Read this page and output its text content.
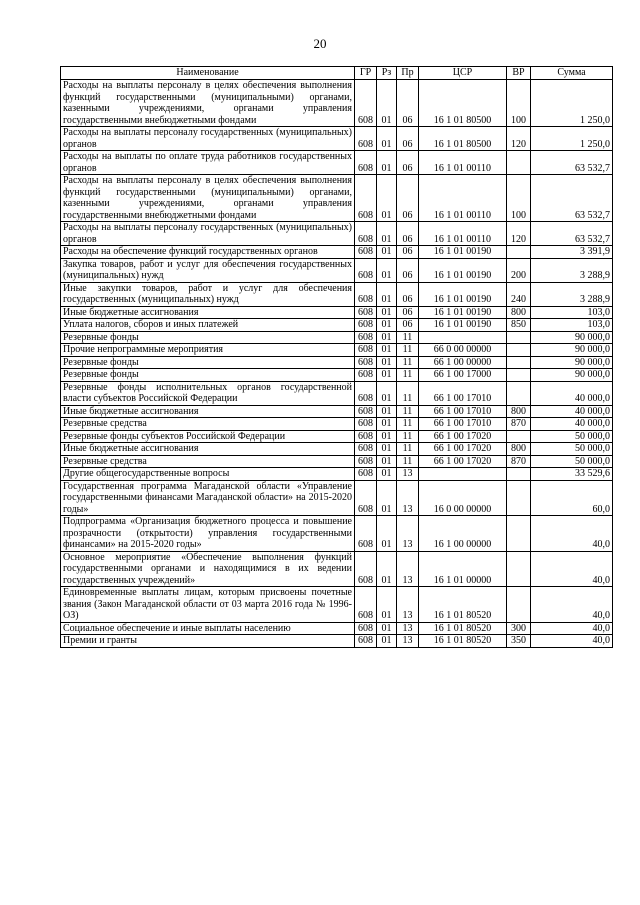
20
Наименование	ГР	Рз	Пр	ЦСР	ВР	Сумма
Расходы на выплаты персоналу в целях обеспечения выполнения функций государственными (муниципальными) органами, казенными учреждениями, органами управления государственными внебюджетными фондами	608	01	06	16 1 01 80500	100	1 250,0
Расходы на выплаты персоналу государственных (муниципальных) органов	608	01	06	16 1 01 80500	120	1 250,0
Расходы на выплаты по оплате труда работников государственных органов	608	01	06	16 1 01 00110		63 532,7
Расходы на выплаты персоналу в целях обеспечения выполнения функций государственными (муниципальными) органами, казенными учреждениями, органами управления государственными внебюджетными фондами	608	01	06	16 1 01 00110	100	63 532,7
Расходы на выплаты персоналу государственных (муниципальных) органов	608	01	06	16 1 01 00110	120	63 532,7
Расходы на обеспечение функций государственных органов	608	01	06	16 1 01 00190		3 391,9
Закупка товаров, работ и услуг для обеспечения государственных (муниципальных) нужд	608	01	06	16 1 01 00190	200	3 288,9
Иные закупки товаров, работ и услуг для обеспечения государственных (муниципальных) нужд	608	01	06	16 1 01 00190	240	3 288,9
Иные бюджетные ассигнования	608	01	06	16 1 01 00190	800	103,0
Уплата налогов, сборов и иных платежей	608	01	06	16 1 01 00190	850	103,0
Резервные фонды	608	01	11			90 000,0
Прочие непрограммные мероприятия	608	01	11	66 0 00 00000		90 000,0
Резервные фонды	608	01	11	66 1 00 00000		90 000,0
Резервные фонды	608	01	11	66 1 00 17000		90 000,0
Резервные фонды исполнительных органов государственной власти субъектов Российской Федерации	608	01	11	66 1 00 17010		40 000,0
Иные бюджетные ассигнования	608	01	11	66 1 00 17010	800	40 000,0
Резервные средства	608	01	11	66 1 00 17010	870	40 000,0
Резервные фонды субъектов Российской Федерации	608	01	11	66 1 00 17020		50 000,0
Иные бюджетные ассигнования	608	01	11	66 1 00 17020	800	50 000,0
Резервные средства	608	01	11	66 1 00 17020	870	50 000,0
Другие общегосударственные вопросы	608	01	13			33 529,6
Государственная программа Магаданской области «Управление государственными финансами Магаданской области» на 2015-2020 годы»	608	01	13	16 0 00 00000		60,0
Подпрограмма «Организация бюджетного процесса и повышение прозрачности (открытости) управления государственными финансами» на 2015-2020 годы»	608	01	13	16 1 00 00000		40,0
Основное мероприятие «Обеспечение выполнения функций государственными органами и находящимися в их ведении государственных учреждений»	608	01	13	16 1 01 00000		40,0
Единовременные выплаты лицам, которым присвоены почетные звания (Закон Магаданской области от 03 марта 2016 года № 1996-ОЗ)	608	01	13	16 1 01 80520		40,0
Социальное обеспечение и иные выплаты населению	608	01	13	16 1 01 80520	300	40,0
Премии и гранты	608	01	13	16 1 01 80520	350	40,0
